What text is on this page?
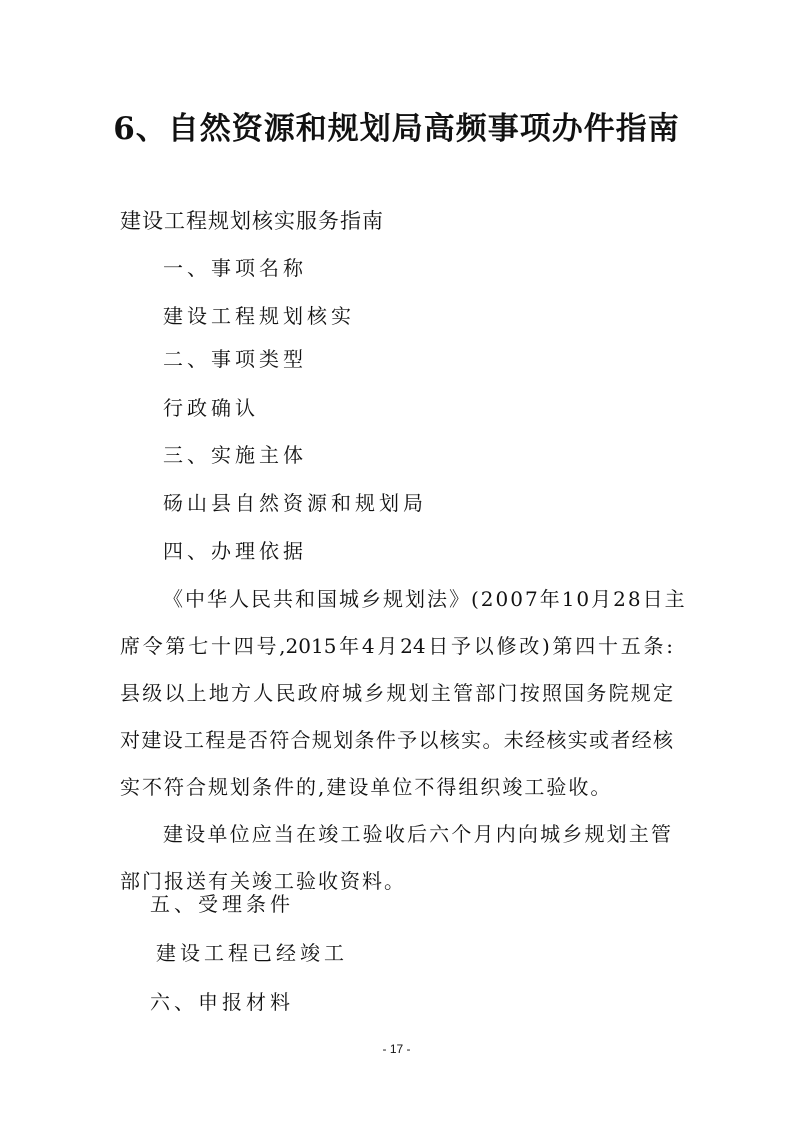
6、自然资源和规划局高频事项办件指南
建设工程规划核实服务指南
一、事项名称
建设工程规划核实
二、事项类型
行政确认
三、实施主体
砀山县自然资源和规划局
四、办理依据
《中华人民共和国城乡规划法》(2007年10月28日主
席令第七十四号,2015年4月24日予以修改)第四十五条:
县级以上地方人民政府城乡规划主管部门按照国务院规定
对建设工程是否符合规划条件予以核实。未经核实或者经核
实不符合规划条件的,建设单位不得组织竣工验收。
建设单位应当在竣工验收后六个月内向城乡规划主管
部门报送有关竣工验收资料。
五、受理条件
建设工程已经竣工
六、申报材料
- 17 -
